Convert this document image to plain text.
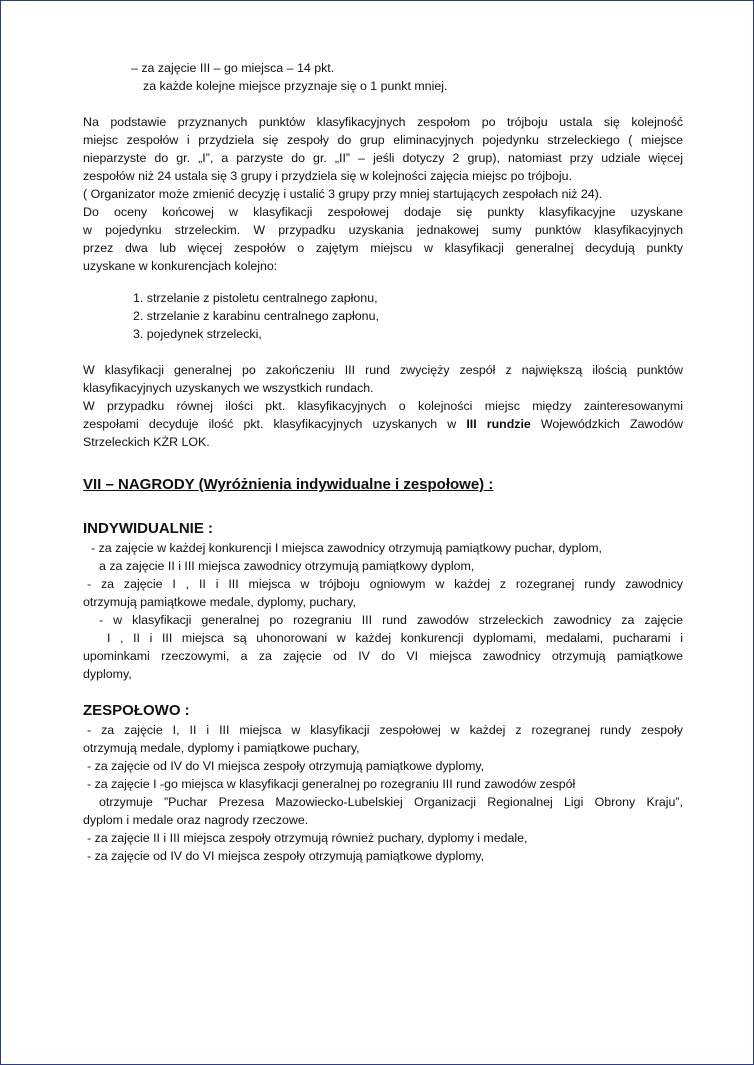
– za zajęcie III – go miejsca – 14 pkt.

za każde kolejne miejsce przyznaje się o 1 punkt mniej.

Na podstawie przyznanych punktów klasyfikacyjnych zespołom po trójboju ustala się kolejność

miejsc zespołów i przydziela się zespoły do grup eliminacyjnych pojedynku strzeleckiego ( miejsce

nieparzyste do gr. „I”, a parzyste do gr. „II” – jeśli dotyczy 2 grup), natomiast przy udziale więcej

zespołów niż 24 ustala się 3 grupy i przydziela się w kolejności zajęcia miejsc po trójboju.

( Organizator może zmienić decyzję i ustalić 3 grupy przy mniej startujących zespołach niż 24).

Do oceny końcowej w klasyfikacji zespołowej dodaje się punkty klasyfikacyjne uzyskane

w pojedynku strzeleckim. W przypadku uzyskania jednakowej sumy punktów klasyfikacyjnych

przez dwa lub więcej zespołów o zajętym miejscu w klasyfikacji generalnej decydują punkty

uzyskane w konkurencjach kolejno:

1. strzelanie z pistoletu centralnego zapłonu,

2. strzelanie z karabinu centralnego zapłonu,

3. pojedynek strzelecki,

W klasyfikacji generalnej po zakończeniu III rund zwycięży zespół z największą ilością punktów

klasyfikacyjnych uzyskanych we wszystkich rundach.

W przypadku równej ilości pkt. klasyfikacyjnych o kolejności miejsc między zainteresowanymi

zespołami decyduje ilość pkt. klasyfikacyjnych uzyskanych w III rundzie Wojewódzkich Zawodów

Strzeleckich KŻR LOK.

VII – NAGRODY (Wyróżnienia indywidualne i zespołowe) :

INDYWIDUALNIE :

- za zajęcie w każdej konkurencji I miejsca zawodnicy otrzymują pamiątkowy puchar, dyplom,

a za zajęcie II i III miejsca zawodnicy otrzymują pamiątkowy dyplom,

- za zajęcie I , II i III miejsca w trójboju ogniowym w każdej z rozegranej rundy zawodnicy

otrzymują pamiątkowe medale, dyplomy, puchary,

- w klasyfikacji generalnej po rozegraniu III rund zawodów strzeleckich zawodnicy za zajęcie

I , II i III miejsca są uhonorowani w każdej konkurencji dyplomami, medalami, pucharami i

upominkami rzeczowymi, a za zajęcie od IV do VI miejsca zawodnicy otrzymują pamiątkowe

dyplomy,

ZESPOŁOWO :

- za zajęcie I, II i III miejsca w klasyfikacji zespołowej w każdej z rozegranej rundy zespoły

otrzymują medale, dyplomy i pamiątkowe puchary,

- za zajęcie od IV do VI miejsca zespoły otrzymują pamiątkowe dyplomy,

- za zajęcie I -go miejsca w klasyfikacji generalnej po rozegraniu III rund zawodów zespół

otrzymuje ”Puchar Prezesa Mazowiecko-Lubelskiej Organizacji Regionalnej Ligi Obrony Kraju”,

dyplom i medale oraz nagrody rzeczowe.

- za zajęcie II i III miejsca zespoły otrzymują również puchary, dyplomy i medale,

- za zajęcie od IV do VI miejsca zespoły otrzymują pamiątkowe dyplomy,
